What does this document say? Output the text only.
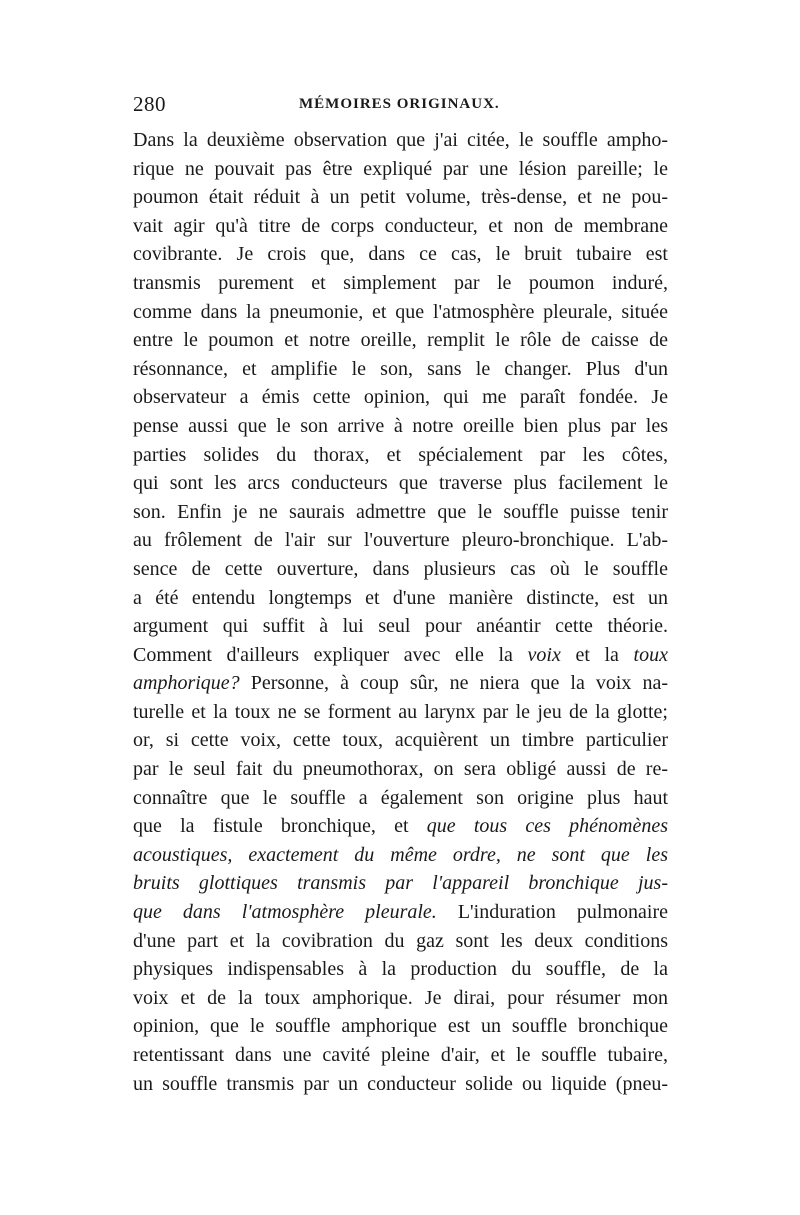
280	MÉMOIRES ORIGINAUX.
Dans la deuxième observation que j'ai citée, le souffle ampho-
rique ne pouvait pas être expliqué par une lésion pareille; le
poumon était réduit à un petit volume, très-dense, et ne pou-
vait agir qu'à titre de corps conducteur, et non de membrane
covibrante. Je crois que, dans ce cas, le bruit tubaire est
transmis purement et simplement par le poumon induré,
comme dans la pneumonie, et que l'atmosphère pleurale, située
entre le poumon et notre oreille, remplit le rôle de caisse de
résonnance, et amplifie le son, sans le changer. Plus d'un
observateur a émis cette opinion, qui me paraît fondée. Je
pense aussi que le son arrive à notre oreille bien plus par les
parties solides du thorax, et spécialement par les côtes,
qui sont les arcs conducteurs que traverse plus facilement le
son. Enfin je ne saurais admettre que le souffle puisse tenir
au frôlement de l'air sur l'ouverture pleuro-bronchique. L'ab-
sence de cette ouverture, dans plusieurs cas où le souffle
a été entendu longtemps et d'une manière distincte, est un
argument qui suffit à lui seul pour anéantir cette théorie.
Comment d'ailleurs expliquer avec elle la voix et la toux
amphorique? Personne, à coup sûr, ne niera que la voix na-
turelle et la toux ne se forment au larynx par le jeu de la glotte;
or, si cette voix, cette toux, acquièrent un timbre particulier
par le seul fait du pneumothorax, on sera obligé aussi de re-
connaître que le souffle a également son origine plus haut
que la fistule bronchique, et que tous ces phénomènes
acoustiques, exactement du même ordre, ne sont que les
bruits glottiques transmis par l'appareil bronchique jus-
que dans l'atmosphère pleurale. L'induration pulmonaire
d'une part et la covibration du gaz sont les deux conditions
physiques indispensables à la production du souffle, de la
voix et de la toux amphorique. Je dirai, pour résumer mon
opinion, que le souffle amphorique est un souffle bronchique
retentissant dans une cavité pleine d'air, et le souffle tubaire,
un souffle transmis par un conducteur solide ou liquide (pneu-
